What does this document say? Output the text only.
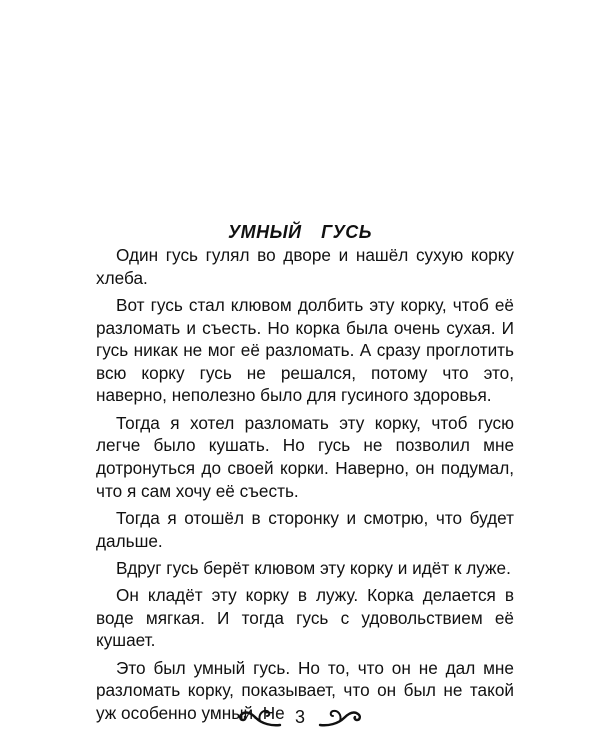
УМНЫЙ ГУСЬ

Один гусь гулял во дворе и нашёл сухую корку хлеба.

Вот гусь стал клювом долбить эту корку, чтоб её разломать и съесть. Но корка была очень сухая. И гусь никак не мог её разломать. А сразу проглотить всю корку гусь не решался, потому что это, наверно, неполезно было для гусиного здоровья.

Тогда я хотел разломать эту корку, чтоб гусю легче было кушать. Но гусь не позволил мне дотронуться до своей корки. Наверно, он подумал, что я сам хочу её съесть.

Тогда я отошёл в сторонку и смотрю, что будет дальше.

Вдруг гусь берёт клювом эту корку и идёт к луже.

Он кладёт эту корку в лужу. Корка делается в воде мягкая. И тогда гусь с удовольствием её кушает.

Это был умный гусь. Но то, что он не дал мне разломать корку, показывает, что он был не такой уж особенно умный. Не 3
